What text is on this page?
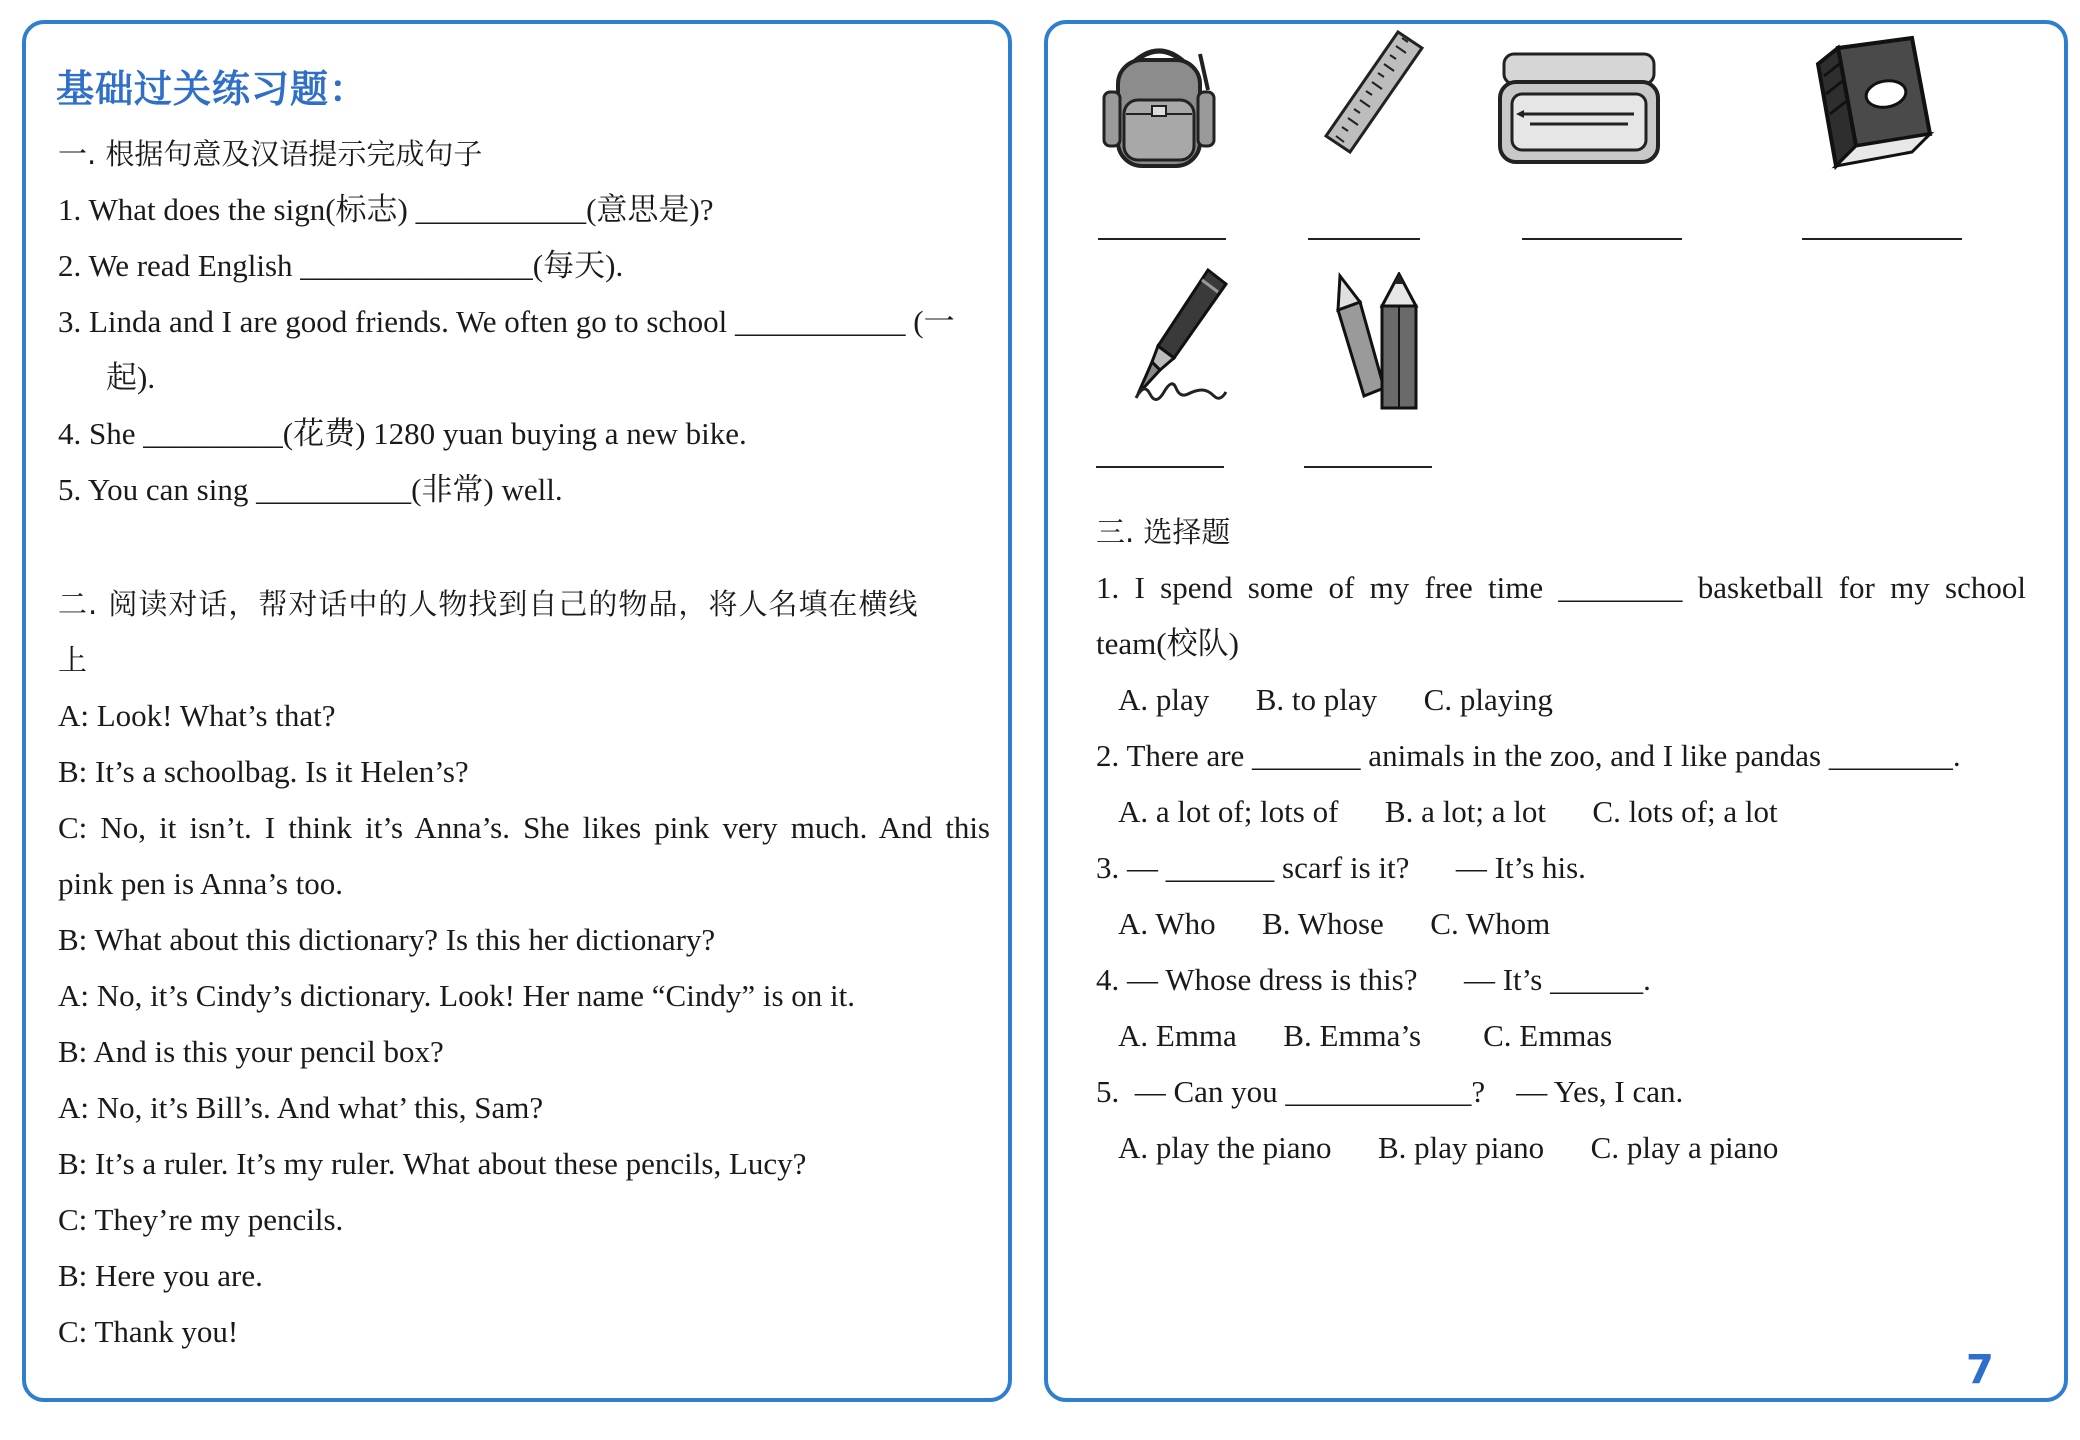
基础过关练习题：
一. 根据句意及汉语提示完成句子
1. What does the sign(标志) ___________(意思是)?
2. We read English _______________(每天).
3. Linda and I are good friends. We often go to school ___________ (一
起).
4. She _________(花费) 1280 yuan buying a new bike.
5. You can sing __________(非常) well.
二. 阅读对话，帮对话中的人物找到自己的物品，将人名填在横线
上
A: Look! What’s that?
B: It’s a schoolbag. Is it Helen’s?
C: No, it isn’t. I think it’s Anna’s. She likes pink very much. And this
pink pen is Anna’s too.
B: What about this dictionary? Is this her dictionary?
A: No, it’s Cindy’s dictionary. Look! Her name “Cindy” is on it.
B: And is this your pencil box?
A: No, it’s Bill’s. And what’ this, Sam?
B: It’s a ruler. It’s my ruler. What about these pencils, Lucy?
C: They’re my pencils.
B: Here you are.
C: Thank you!
三. 选择题
1. I spend some of my free time ________ basketball for my school
team(校队)
A. play      B. to play      C. playing
2. There are _______ animals in the zoo, and I like pandas ________.
A. a lot of; lots of      B. a lot; a lot      C. lots of; a lot
3. — _______ scarf is it?      — It’s his.
A. Who      B. Whose      C. Whom
4. — Whose dress is this?      — It’s ______.
A. Emma      B. Emma’s        C. Emmas
5.  — Can you ____________?    — Yes, I can.
A. play the piano      B. play piano      C. play a piano
7
